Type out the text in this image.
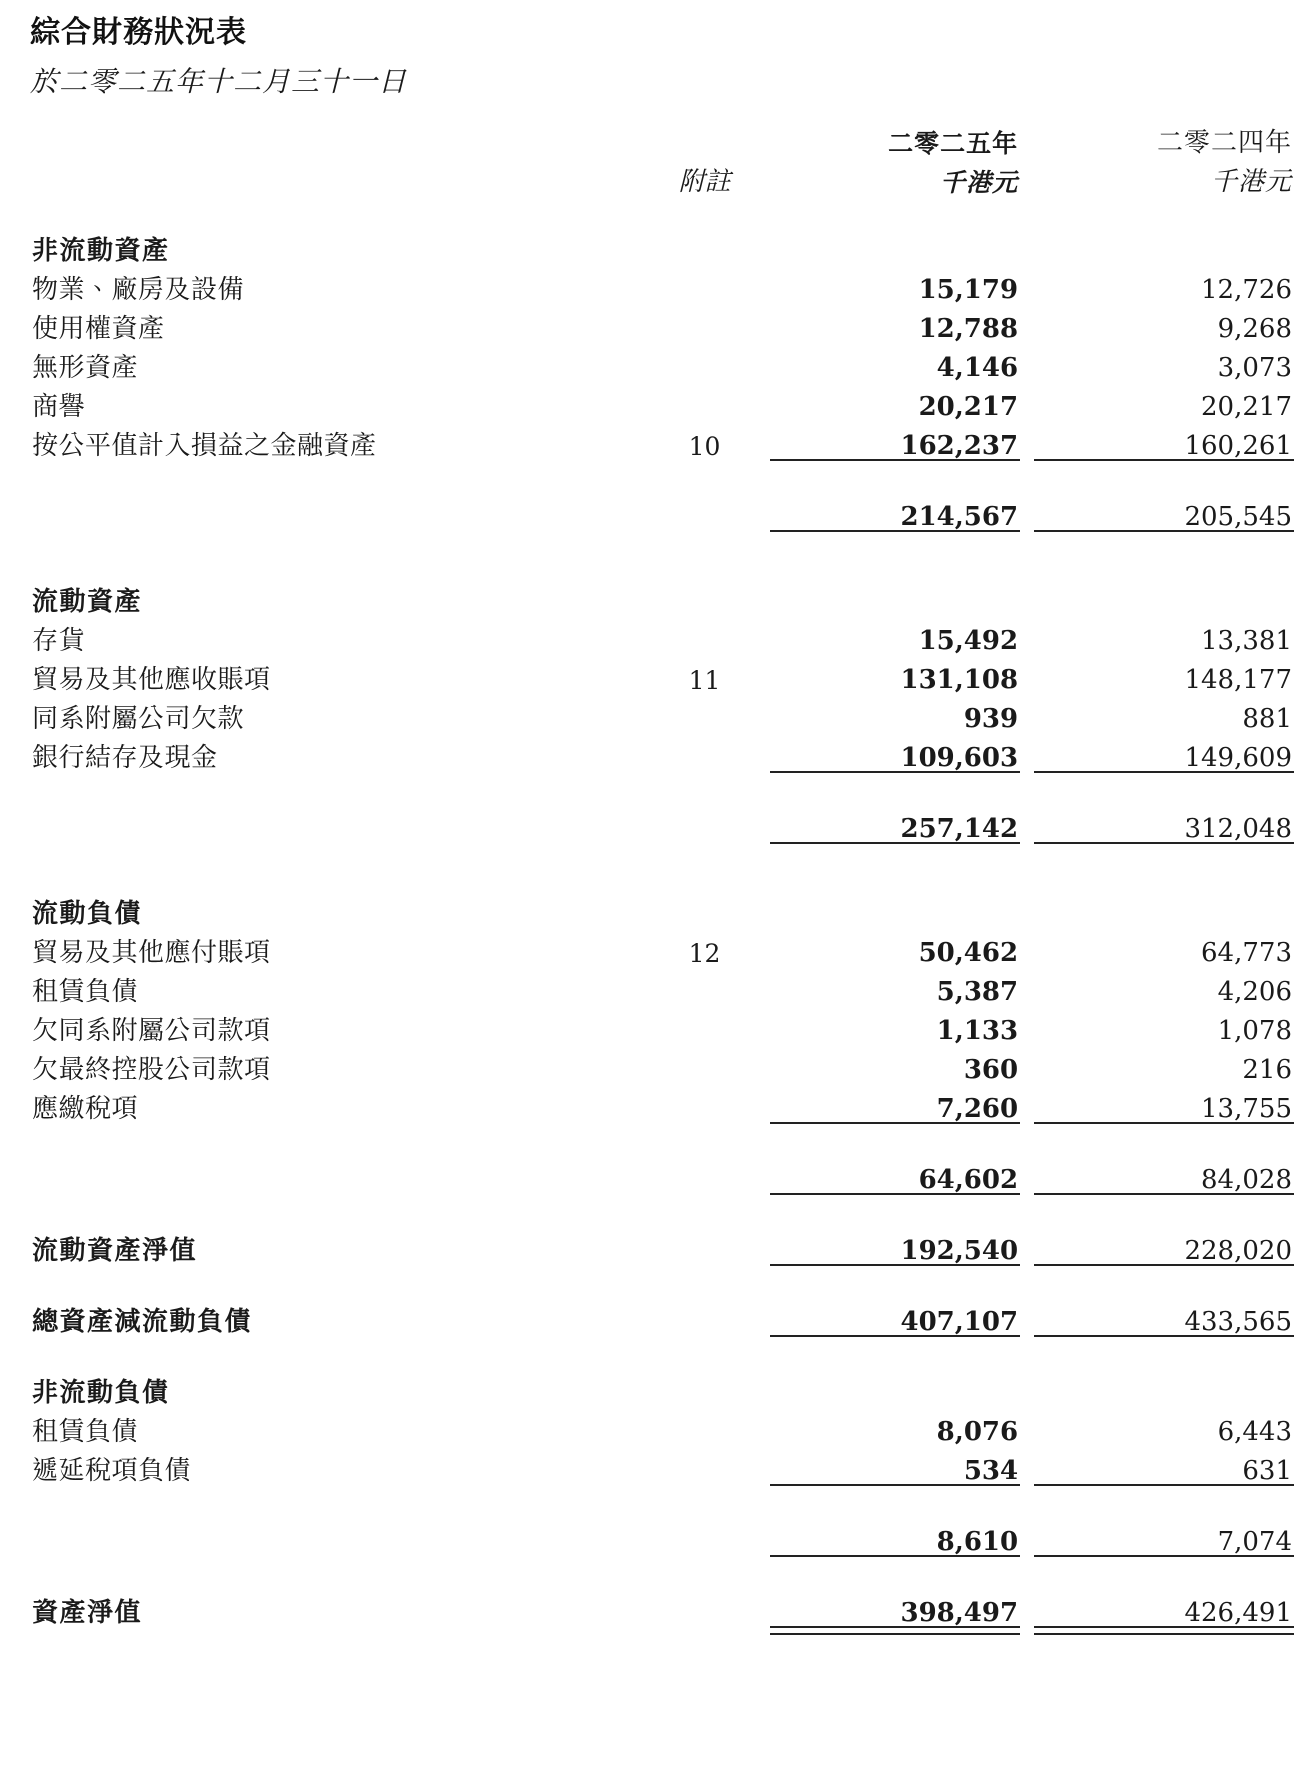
綜合財務狀況表
於二零二五年十二月三十一日
		二零二五年	二零二四年
	附註	千港元	千港元

非流動資產			
物業、廠房及設備		15,179	12,726
使用權資產		12,788	9,268
無形資產		4,146	3,073
商譽		20,217	20,217
按公平值計入損益之金融資產	10	162,237	160,261

		214,567	205,545

流動資產			
存貨		15,492	13,381
貿易及其他應收賬項	11	131,108	148,177
同系附屬公司欠款		939	881
銀行結存及現金		109,603	149,609

		257,142	312,048

流動負債			
貿易及其他應付賬項	12	50,462	64,773
租賃負債		5,387	4,206
欠同系附屬公司款項		1,133	1,078
欠最終控股公司款項		360	216
應繳稅項		7,260	13,755

		64,602	84,028

流動資產淨值		192,540	228,020

總資產減流動負債		407,107	433,565

非流動負債			
租賃負債		8,076	6,443
遞延稅項負債		534	631

		8,610	7,074

資產淨值		398,497	426,491
